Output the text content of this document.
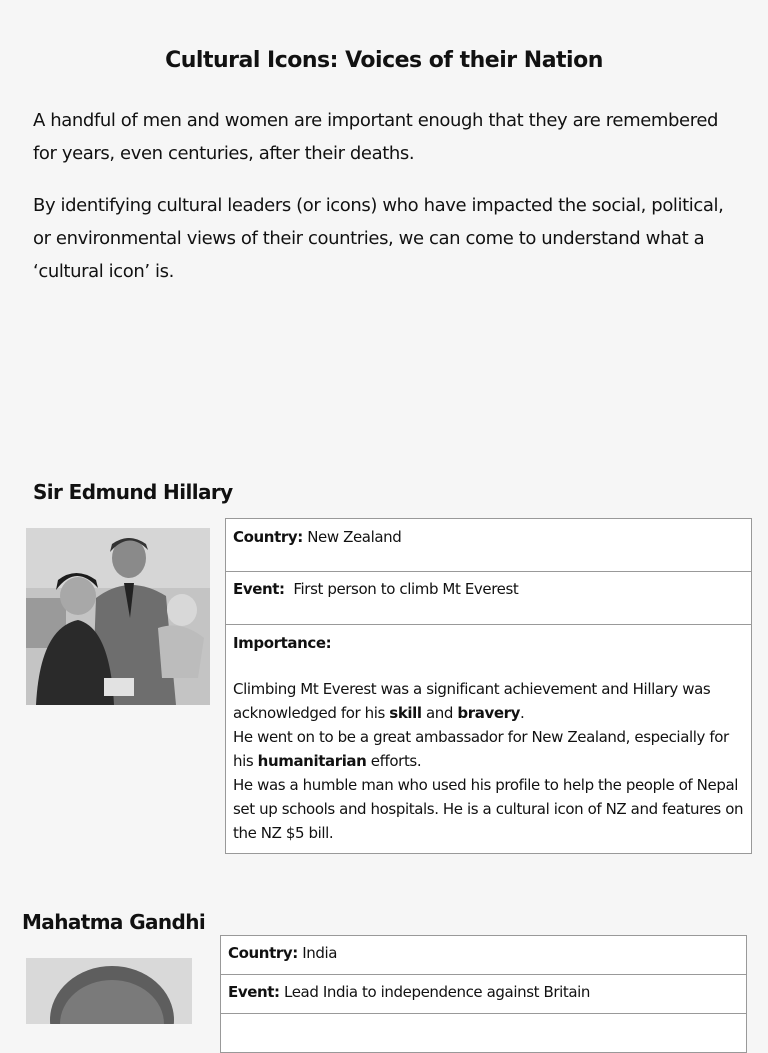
Cultural Icons: Voices of their Nation
A handful of men and women are important enough that they are remembered for years, even centuries, after their deaths.
By identifying cultural leaders (or icons) who have impacted the social, political, or environmental views of their countries, we can come to understand what a ‘cultural icon’ is.
Sir Edmund Hillary
Country: New Zealand

Event: First person to climb Mt Everest

Importance:
Climbing Mt Everest was a significant achievement and Hillary was acknowledged for his skill and bravery.
He went on to be a great ambassador for New Zealand, especially for his humanitarian efforts.
He was a humble man who used his profile to help the people of Nepal set up schools and hospitals. He is a cultural icon of NZ and features on the NZ $5 bill.
Mahatma Gandhi
Country: India

Event: Lead India to independence against Britain
